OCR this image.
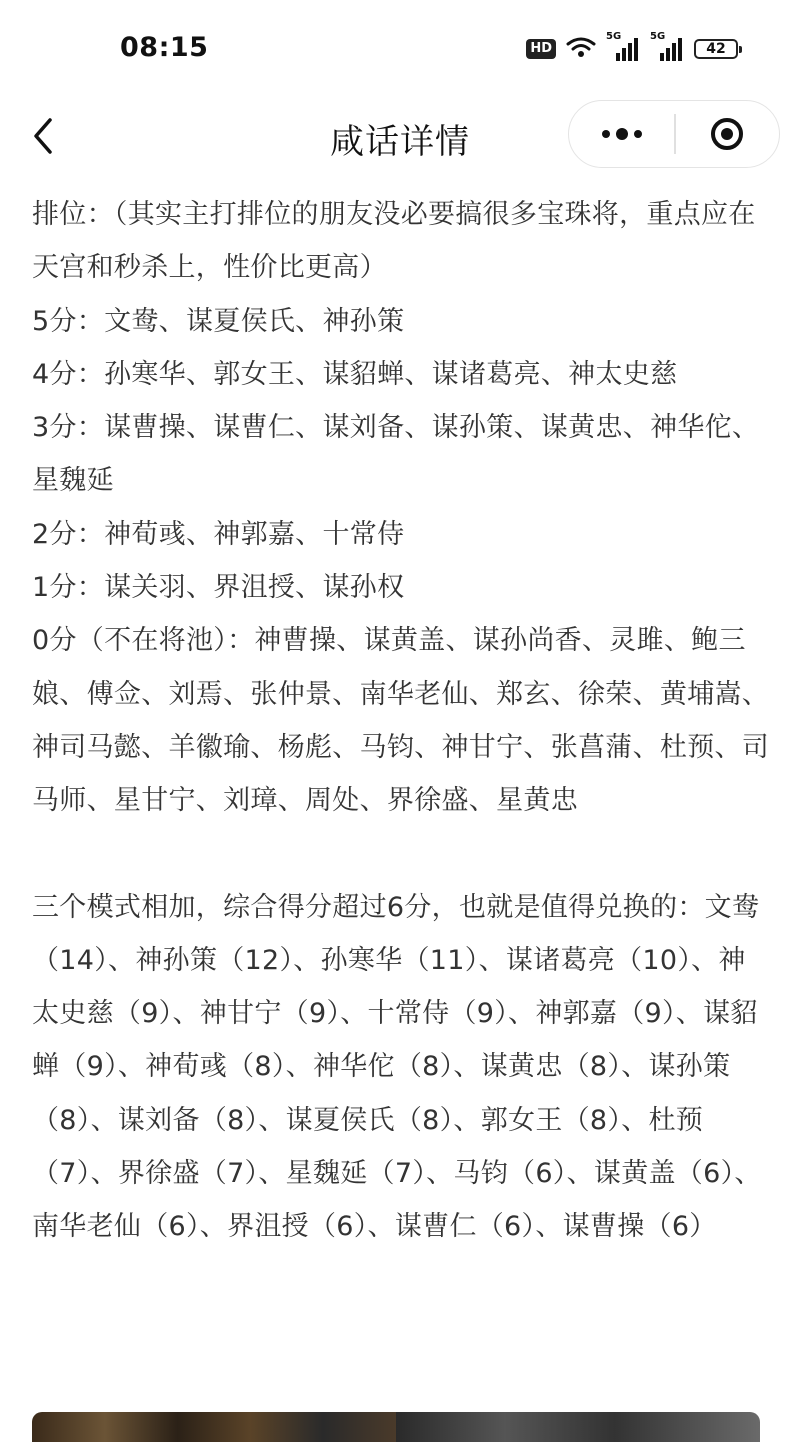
08:15	HD
5G	5G
42
咸话详情

排位：（其实主打排位的朋友没必要搞很多宝珠将，重点应在天宫和秒杀上，性价比更高）

5分：文鸯、谋夏侯氏、神孙策

4分：孙寒华、郭女王、谋貂蝉、谋诸葛亮、神太史慈

3分：谋曹操、谋曹仁、谋刘备、谋孙策、谋黄忠、神华佗、星魏延

2分：神荀彧、神郭嘉、十常侍

1分：谋关羽、界沮授、谋孙权

0分（不在将池）：神曹操、谋黄盖、谋孙尚香、灵雎、鲍三娘、傅佥、刘焉、张仲景、南华老仙、郑玄、徐荣、黄埔嵩、神司马懿、羊徽瑜、杨彪、马钧、神甘宁、张菖蒲、杜预、司马师、星甘宁、刘璋、周处、界徐盛、星黄忠

三个模式相加，综合得分超过6分，也就是值得兑换的：文鸯（14）、神孙策（12）、孙寒华（11）、谋诸葛亮（10）、神太史慈（9）、神甘宁（9）、十常侍（9）、神郭嘉（9）、谋貂蝉（9）、神荀彧（8）、神华佗（8）、谋黄忠（8）、谋孙策（8）、谋刘备（8）、谋夏侯氏（8）、郭女王（8）、杜预（7）、界徐盛（7）、星魏延（7）、马钧（6）、谋黄盖（6）、南华老仙（6）、界沮授（6）、谋曹仁（6）、谋曹操（6）
